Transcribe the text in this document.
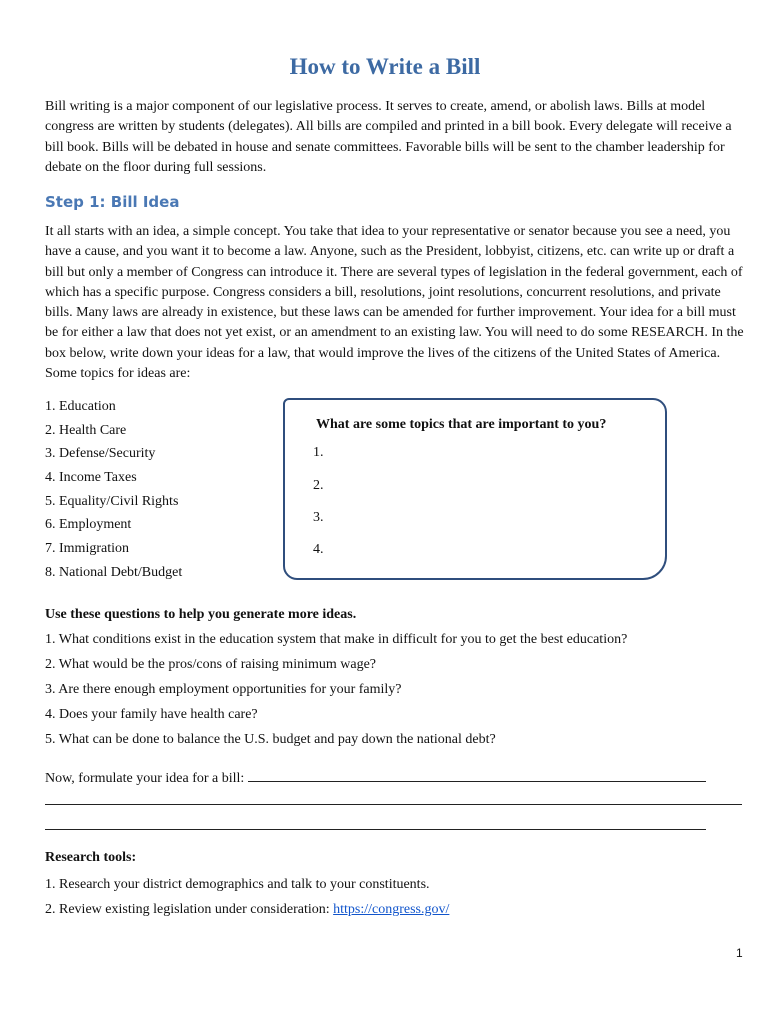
How to Write a Bill
Bill writing is a major component of our legislative process. It serves to create, amend, or abolish laws. Bills at model congress are written by students (delegates). All bills are compiled and printed in a bill book. Every delegate will receive a bill book. Bills will be debated in house and senate committees. Favorable bills will be sent to the chamber leadership for debate on the floor during full sessions.
Step 1: Bill Idea
It all starts with an idea, a simple concept. You take that idea to your representative or senator because you see a need, you have a cause, and you want it to become a law. Anyone, such as the President, lobbyist, citizens, etc. can write up or draft a bill but only a member of Congress can introduce it. There are several types of legislation in the federal government, each of which has a specific purpose. Congress considers a bill, resolutions, joint resolutions, concurrent resolutions, and private bills. Many laws are already in existence, but these laws can be amended for further improvement. Your idea for a bill must be for either a law that does not yet exist, or an amendment to an existing law. You will need to do some RESEARCH. In the box below, write down your ideas for a law, that would improve the lives of the citizens of the United States of America. Some topics for ideas are:
1. Education
2. Health Care
3. Defense/Security
4. Income Taxes
5. Equality/Civil Rights
6. Employment
7. Immigration
8. National Debt/Budget
What are some topics that are important to you?
1.
2.
3.
4.
Use these questions to help you generate more ideas.
1. What conditions exist in the education system that make in difficult for you to get the best education?
2. What would be the pros/cons of raising minimum wage?
3. Are there enough employment opportunities for your family?
4. Does your family have health care?
5. What can be done to balance the U.S. budget and pay down the national debt?
Now, formulate your idea for a bill:
Research tools:
1. Research your district demographics and talk to your constituents.
2. Review existing legislation under consideration: https://congress.gov/
1
